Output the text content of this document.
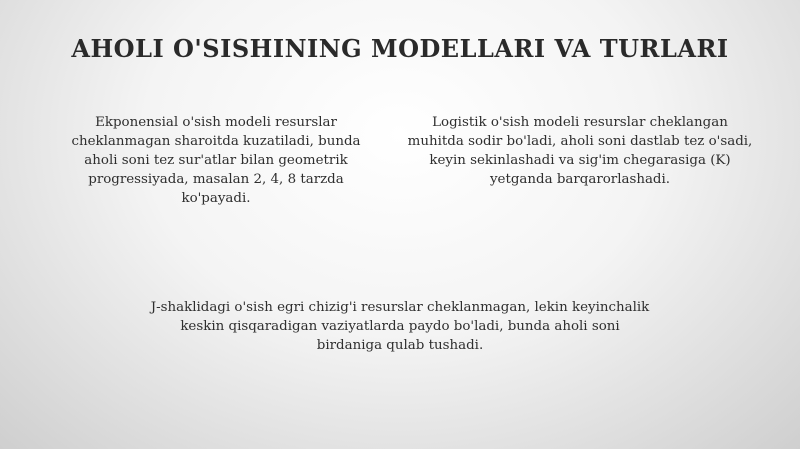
AHOLI O'SISHINING MODELLARI VA TURLARI
Ekponensial o'sish modeli resurslar cheklanmagan sharoitda kuzatiladi, bunda aholi soni tez sur'atlar bilan geometrik progressiyada, masalan 2, 4, 8 tarzda ko'payadi.
Logistik o'sish modeli resurslar cheklangan muhitda sodir bo'ladi, aholi soni dastlab tez o'sadi, keyin sekinlashadi va sig'im chegarasiga (K) yetganda barqarorlashadi.
J-shaklidagi o'sish egri chizig'i resurslar cheklanmagan, lekin keyinchalik keskin qisqaradigan vaziyatlarda paydo bo'ladi, bunda aholi soni birdaniga qulab tushadi.
